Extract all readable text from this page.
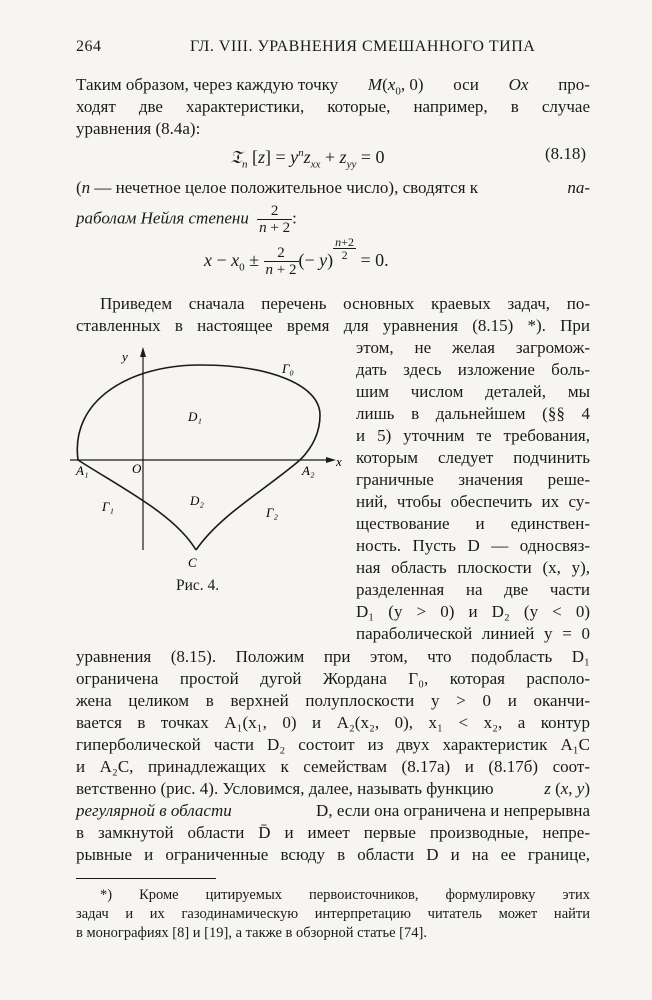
264	ГЛ. VIII. УРАВНЕНИЯ СМЕШАННОГО ТИПА
Таким образом, через каждую точку $M(x_0$, 0) оси Ox про-
ходят две характеристики, которые, например, в случае
уравнения (8.4а):
𝔗$_n$ $[z] = y^nz_{xx} + z_{yy} = 0$	(8.18)
(n — нечетное целое положительное число), сводятся к	па-
раболам Нейля степени $\frac{2}{n + 2}$ :
$x - x_0 \pm \frac{2}{n + 2}$ (− y) $^{\frac{n+2}{2}}$ = 0.
Приведем сначала перечень основных краевых задач, по-
ставленных в настоящее время для уравнения (8.15) *). При
этом, не желая загромож-
дать здесь изложение боль-
шим числом деталей, мы
лишь в дальнейшем (§§ 4
и 5) уточним те требования,
которым следует подчинить
граничные значения реше-
ний, чтобы обеспечить их су-
ществование и единствен-
ность. Пусть D — односвяз-
ная область плоскости (x, y),
разделенная на две части
D₁ (y > 0) и D₂ (y < 0)
параболической линией y = 0
y
x
O
A₁	A₂
Γ₀
Γ₁	Γ₂
D₁
D₂
C
Рис. 4.
уравнения (8.15). Положим при этом, что подобласть D₁
ограничена простой дугой Жордана Γ₀, которая располо-
жена целиком в верхней полуплоскости y > 0 и оканчи-
вается в точках A₁(x₁, 0) и A₂(x₂, 0), x₁ < x₂, а контур
гиперболической части D₂ состоит из двух характеристик A₁C
и A₂C, принадлежащих к семействам (8.17а) и (8.17б) соот-
ветственно (рис. 4). Условимся, далее, называть функцию	z (x, y)
регулярной в области	D, если она ограничена и непрерывна
в замкнутой области D̄ и имеет первые производные, непре-
рывные и ограниченные всюду в области D и на ее границе,
*) Кроме цитируемых первоисточников, формулировку этих
задач и их газодинамическую интерпретацию читатель может найти
в монографиях [8] и [19], а также в обзорной статье [74].
